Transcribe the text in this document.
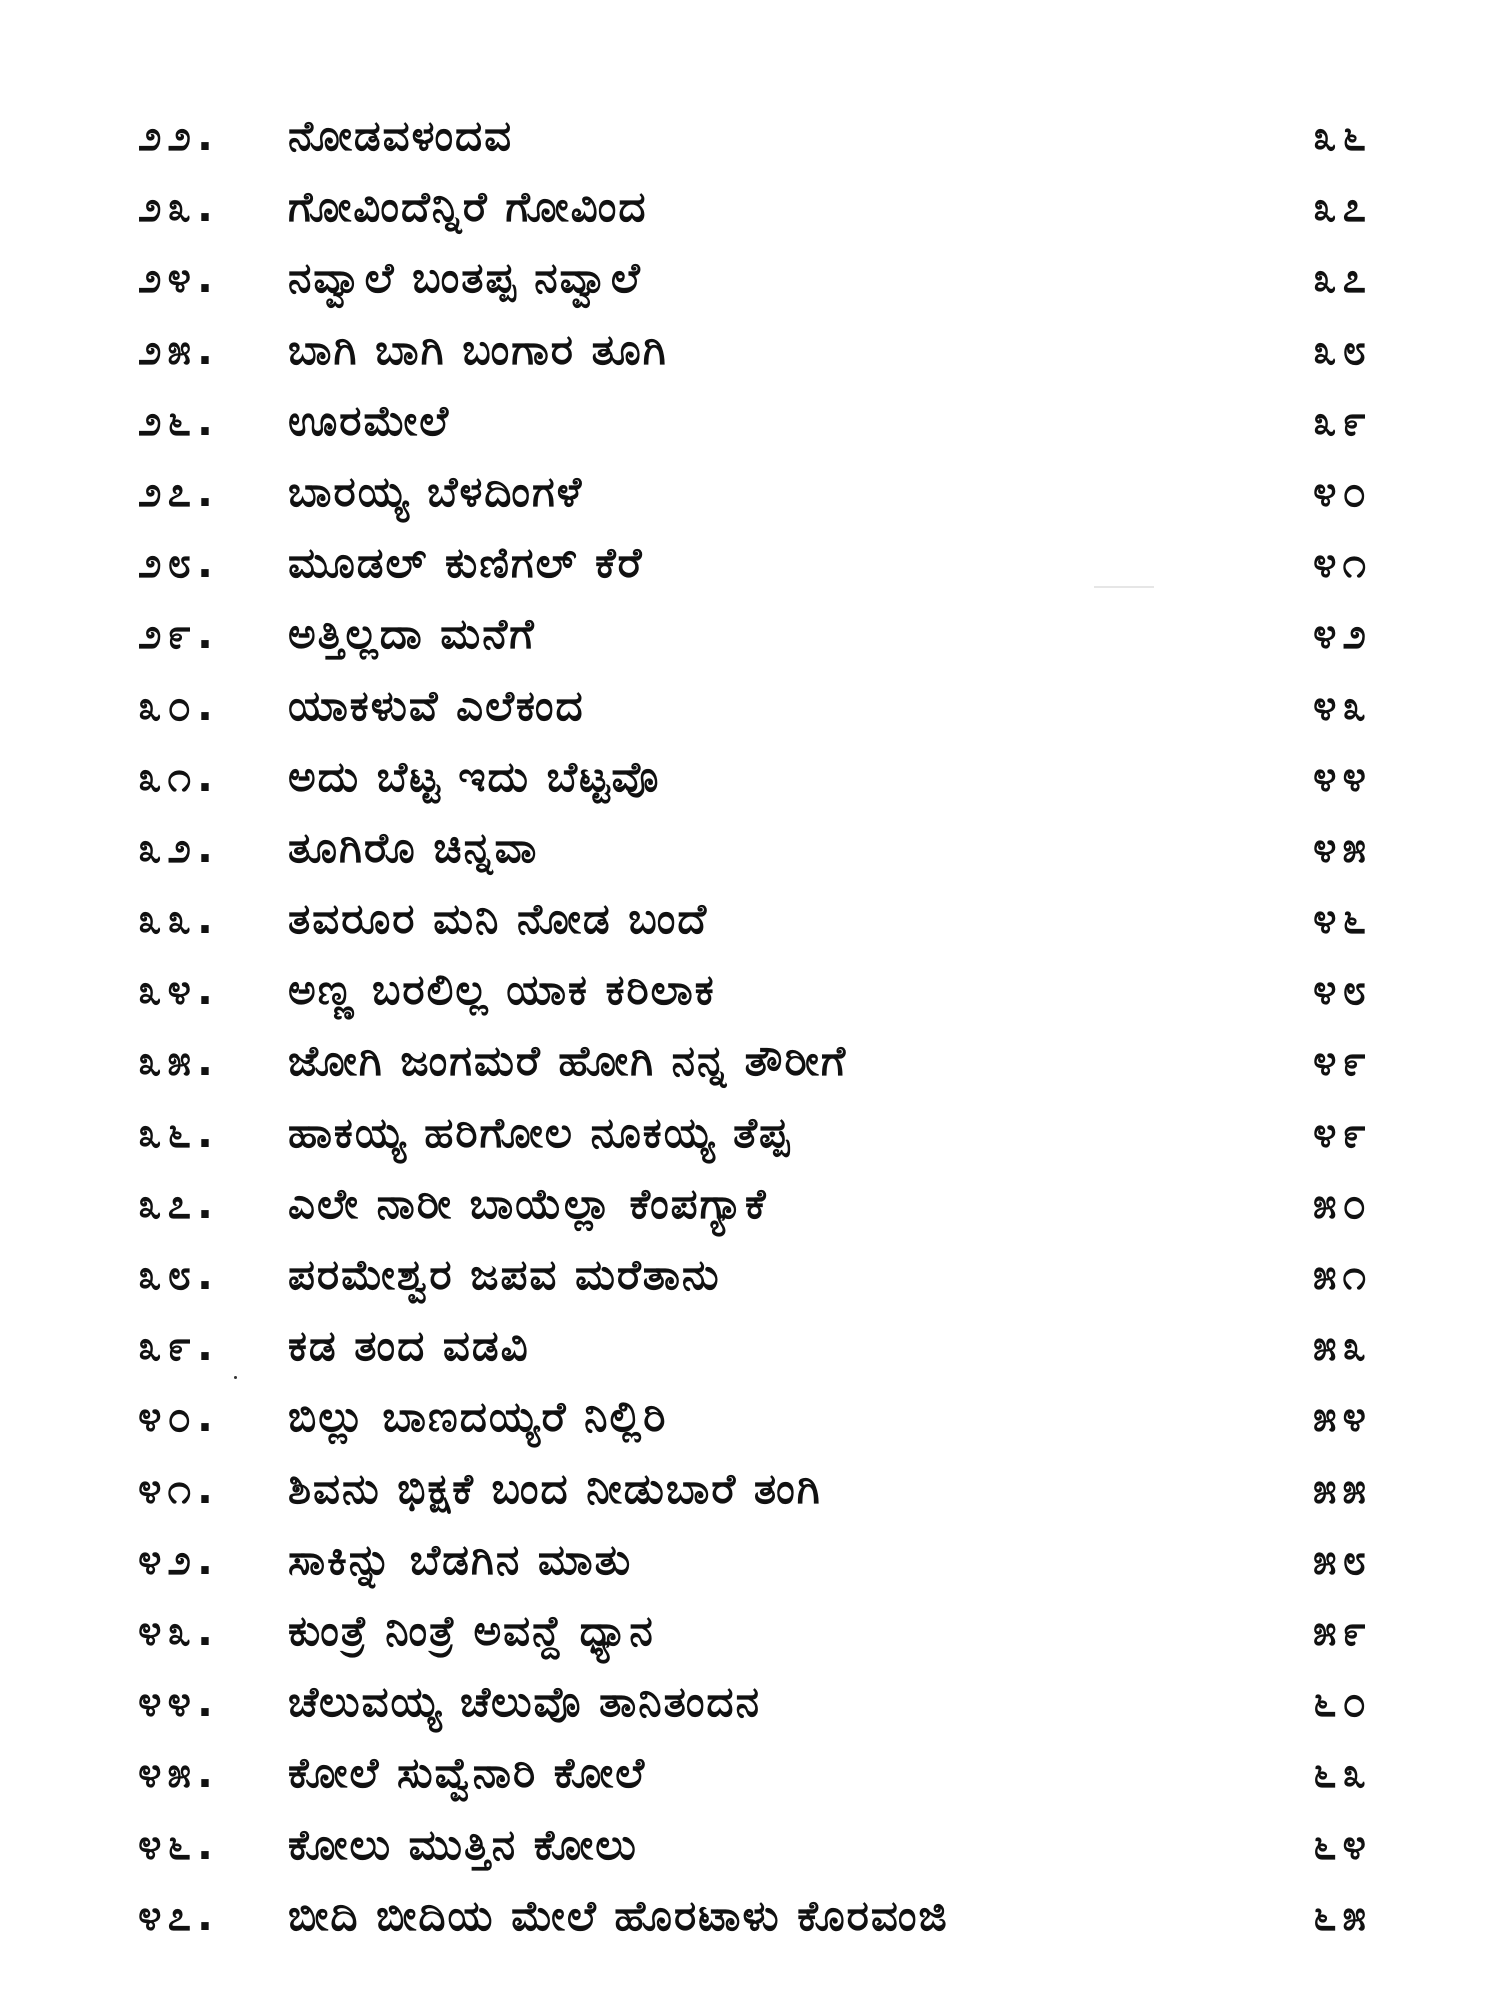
೨೨.	ನೋಡವಳಂದವ	೩೬
೨೩.	ಗೋವಿಂದೆನ್ನಿರೆ ಗೋವಿಂದ	೩೭
೨೪.	ನವ್ವಾಲೆ ಬಂತಪ್ಪ ನವ್ವಾಲೆ	೩೭
೨೫.	ಬಾಗಿ ಬಾಗಿ ಬಂಗಾರ ತೂಗಿ	೩೮
೨೬.	ಊರಮೇಲೆ	೩೯
೨೭.	ಬಾರಯ್ಯ ಬೆಳದಿಂಗಳೆ	೪೦
೨೮.	ಮೂಡಲ್ ಕುಣಿಗಲ್ ಕೆರೆ	೪೧
೨೯.	ಅತ್ತಿಲ್ಲದಾ ಮನೆಗೆ	೪೨
೩೦.	ಯಾಕಳುವೆ ಎಲೆಕಂದ	೪೩
೩೧.	ಅದು ಬೆಟ್ಟ ಇದು ಬೆಟ್ಟವೊ	೪೪
೩೨.	ತೂಗಿರೊ ಚಿನ್ನವಾ	೪೫
೩೩.	ತವರೂರ ಮನಿ ನೋಡ ಬಂದೆ	೪೬
೩೪.	ಅಣ್ಣ ಬರಲಿಲ್ಲ ಯಾಕ ಕರಿಲಾಕ	೪೮
೩೫.	ಜೋಗಿ ಜಂಗಮರೆ ಹೋಗಿ ನನ್ನ ತೌರೀಗೆ	೪೯
೩೬.	ಹಾಕಯ್ಯ ಹರಿಗೋಲ ನೂಕಯ್ಯ ತೆಪ್ಪ	೪೯
೩೭.	ಎಲೇ ನಾರೀ ಬಾಯೆಲ್ಲಾ ಕೆಂಪಗ್ಯಾಕೆ	೫೦
೩೮.	ಪರಮೇಶ್ವರ ಜಪವ ಮರೆತಾನು	೫೧
೩೯.	ಕಡ ತಂದ ವಡವಿ	೫೩
೪೦.	ಬಿಲ್ಲು ಬಾಣದಯ್ಯರೆ ನಿಲ್ಲಿರಿ	೫೪
೪೧.	ಶಿವನು ಭಿಕ್ಷಕೆ ಬಂದ ನೀಡುಬಾರೆ ತಂಗಿ	೫೫
೪೨.	ಸಾಕಿನ್ನು ಬೆಡಗಿನ ಮಾತು	೫೮
೪೩.	ಕುಂತ್ರೆ ನಿಂತ್ರೆ ಅವನ್ದೆ ಧ್ಯಾನ	೫೯
೪೪.	ಚೆಲುವಯ್ಯ ಚೆಲುವೊ ತಾನಿತಂದನ	೬೦
೪೫.	ಕೋಲೆ ಸುವ್ವೆನಾರಿ ಕೋಲೆ	೬೩
೪೬.	ಕೋಲು ಮುತ್ತಿನ ಕೋಲು	೬೪
೪೭.	ಬೀದಿ ಬೀದಿಯ ಮೇಲೆ ಹೊರಟಾಳು ಕೊರವಂಜಿ	೬೫
